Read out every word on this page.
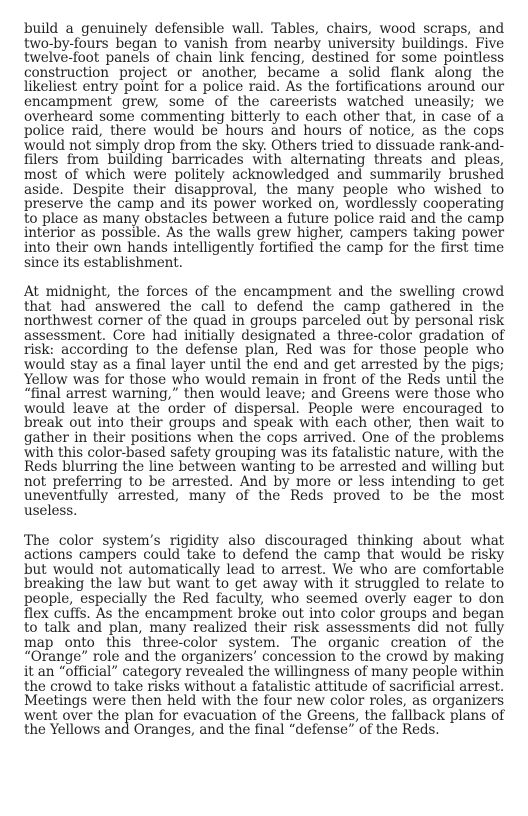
build a genuinely defensible wall. Tables, chairs, wood scraps, and two-by-fours began to vanish from nearby university buildings. Five twelve-foot panels of chain link fencing, destined for some pointless construction project or another, became a solid flank along the likeliest entry point for a police raid. As the fortifications around our encampment grew, some of the careerists watched uneasily; we overheard some commenting bitterly to each other that, in case of a police raid, there would be hours and hours of notice, as the cops would not simply drop from the sky. Others tried to dissuade rank-and-filers from building barricades with alternating threats and pleas, most of which were politely acknowledged and summarily brushed aside. Despite their disapproval, the many people who wished to preserve the camp and its power worked on, wordlessly cooperating to place as many obstacles between a future police raid and the camp interior as possible. As the walls grew higher, campers taking power into their own hands intelligently fortified the camp for the first time since its establishment.

At midnight, the forces of the encampment and the swelling crowd that had answered the call to defend the camp gathered in the northwest corner of the quad in groups parceled out by personal risk assessment. Core had initially designated a three-color gradation of risk: according to the defense plan, Red was for those people who would stay as a final layer until the end and get arrested by the pigs; Yellow was for those who would remain in front of the Reds until the “final arrest warning,” then would leave; and Greens were those who would leave at the order of dispersal. People were encouraged to break out into their groups and speak with each other, then wait to gather in their positions when the cops arrived. One of the problems with this color-based safety grouping was its fatalistic nature, with the Reds blurring the line between wanting to be arrested and willing but not preferring to be arrested. And by more or less intending to get uneventfully arrested, many of the Reds proved to be the most useless.

The color system’s rigidity also discouraged thinking about what actions campers could take to defend the camp that would be risky but would not automatically lead to arrest. We who are comfortable breaking the law but want to get away with it struggled to relate to people, especially the Red faculty, who seemed overly eager to don flex cuffs. As the encampment broke out into color groups and began to talk and plan, many realized their risk assessments did not fully map onto this three-color system. The organic creation of the “Orange” role and the organizers’ concession to the crowd by making it an “official” category revealed the willingness of many people within the crowd to take risks without a fatalistic attitude of sacrificial arrest. Meetings were then held with the four new color roles, as organizers went over the plan for evacuation of the Greens, the fallback plans of the Yellows and Oranges, and the final “defense” of the Reds.
